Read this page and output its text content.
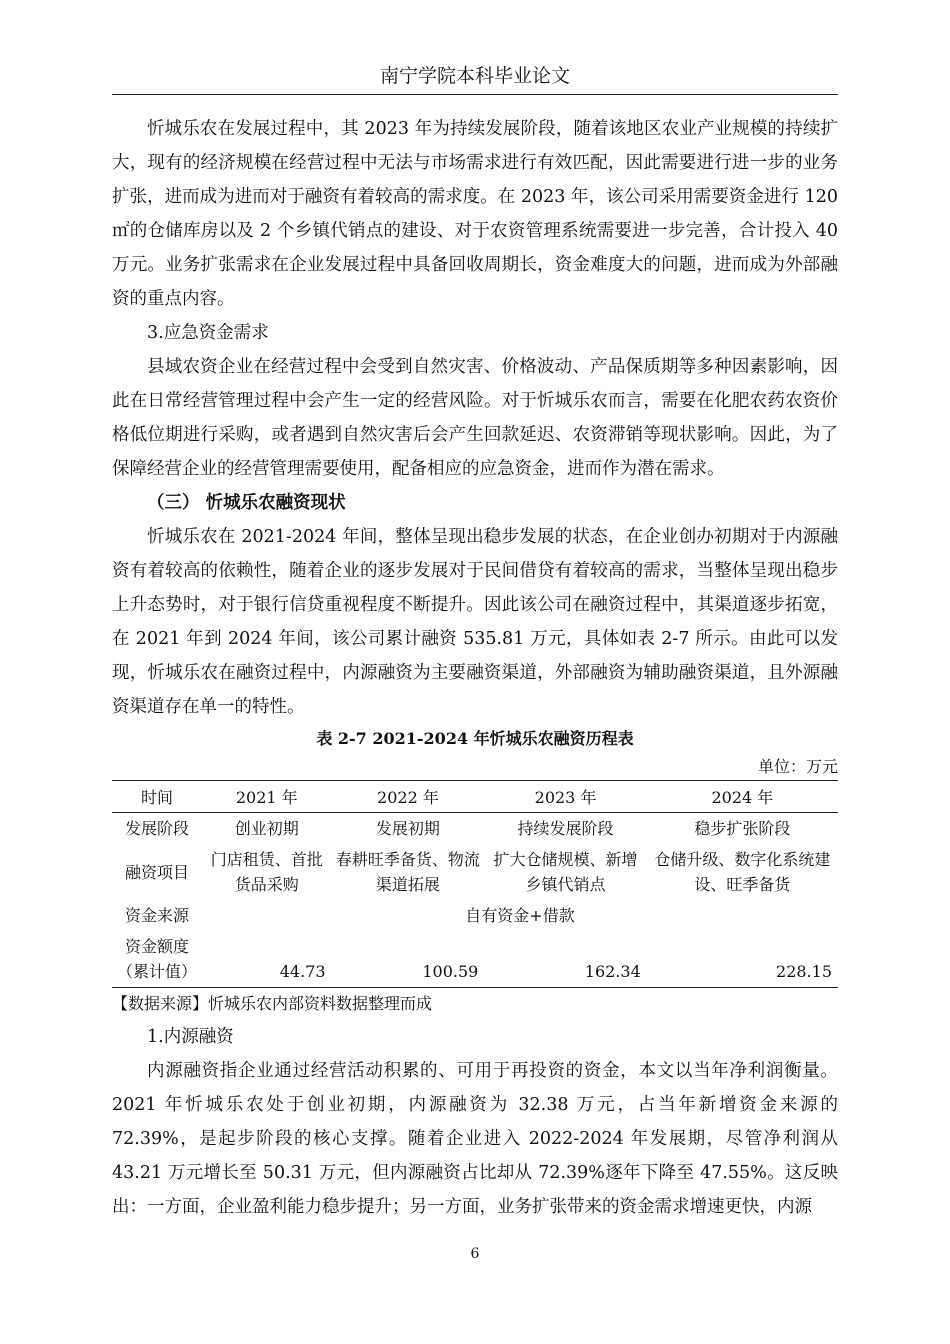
南宁学院本科毕业论文

忻城乐农在发展过程中，其 2023 年为持续发展阶段，随着该地区农业产业规模的持续扩大，现有的经济规模在经营过程中无法与市场需求进行有效匹配，因此需要进行进一步的业务扩张，进而成为进而对于融资有着较高的需求度。在 2023 年，该公司采用需要资金进行 120 ㎡的仓储库房以及 2 个乡镇代销点的建设、对于农资管理系统需要进一步完善，合计投入 40 万元。业务扩张需求在企业发展过程中具备回收周期长，资金难度大的问题，进而成为外部融资的重点内容。

3.应急资金需求

县域农资企业在经营过程中会受到自然灾害、价格波动、产品保质期等多种因素影响，因此在日常经营管理过程中会产生一定的经营风险。对于忻城乐农而言，需要在化肥农药农资价格低位期进行采购，或者遇到自然灾害后会产生回款延迟、农资滞销等现状影响。因此，为了保障经营企业的经营管理需要使用，配备相应的应急资金，进而作为潜在需求。

（三） 忻城乐农融资现状

忻城乐农在 2021-2024 年间，整体呈现出稳步发展的状态，在企业创办初期对于内源融资有着较高的依赖性，随着企业的逐步发展对于民间借贷有着较高的需求，当整体呈现出稳步上升态势时，对于银行信贷重视程度不断提升。因此该公司在融资过程中，其渠道逐步拓宽，在 2021 年到 2024 年间，该公司累计融资 535.81 万元，具体如表 2-7 所示。由此可以发现，忻城乐农在融资过程中，内源融资为主要融资渠道，外部融资为辅助融资渠道，且外源融资渠道存在单一的特性。

表 2-7 2021-2024 年忻城乐农融资历程表
单位：万元
时间	2021 年	2022 年	2023 年	2024 年
发展阶段	创业初期	发展初期	持续发展阶段	稳步扩张阶段
融资项目	门店租赁、首批货品采购	春耕旺季备货、物流渠道拓展	扩大仓储规模、新增乡镇代销点	仓储升级、数字化系统建设、旺季备货
资金来源	自有资金+借款			

资金额度
（累计值）	44.73	100.59	162.34	228.15
【数据来源】忻城乐农内部资料数据整理而成

1.内源融资

内源融资指企业通过经营活动积累的、可用于再投资的资金，本文以当年净利润衡量。2021 年忻城乐农处于创业初期，内源融资为 32.38 万元，占当年新增资金来源的 72.39%，是起步阶段的核心支撑。随着企业进入 2022-2024 年发展期，尽管净利润从 43.21 万元增长至 50.31 万元，但内源融资占比却从 72.39%逐年下降至 47.55%。这反映出：一方面，企业盈利能力稳步提升；另一方面，业务扩张带来的资金需求增速更快，内源

6
